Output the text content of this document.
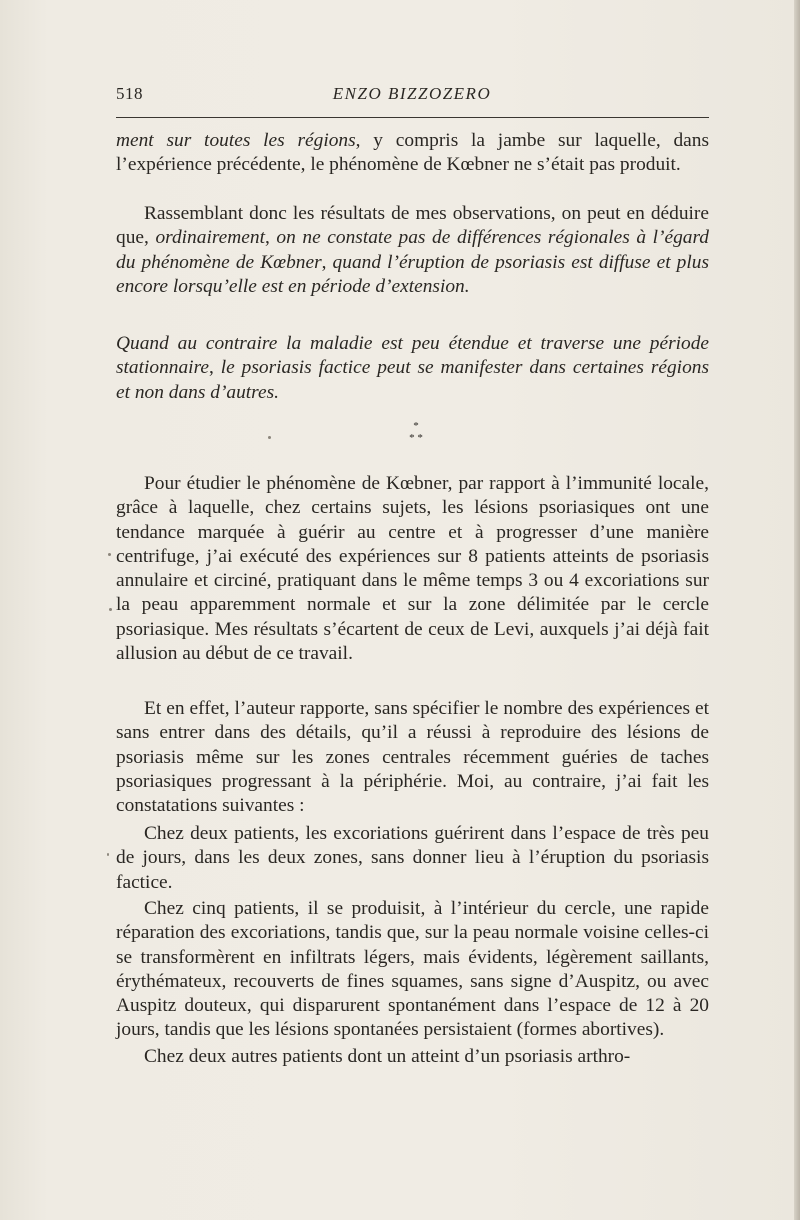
518	ENZO BIZZOZERO

ment sur toutes les régions, y compris la jambe sur laquelle, dans l’expérience précédente, le phénomène de Kœbner ne s’était pas produit.

Rassemblant donc les résultats de mes observations, on peut en déduire que, ordinairement, on ne constate pas de différences régionales à l’égard du phénomène de Kœbner, quand l’éruption de psoriasis est diffuse et plus encore lorsqu’elle est en période d’extension.

Quand au contraire la maladie est peu étendue et traverse une période stationnaire, le psoriasis factice peut se manifester dans certaines régions et non dans d’autres.

*
* *

Pour étudier le phénomène de Kœbner, par rapport à l’immunité locale, grâce à laquelle, chez certains sujets, les lésions psoriasiques ont une tendance marquée à guérir au centre et à progresser d’une manière centrifuge, j’ai exécuté des expériences sur 8 patients atteints de psoriasis annulaire et circiné, pratiquant dans le même temps 3 ou 4 excoriations sur la peau apparemment normale et sur la zone délimitée par le cercle psoriasique. Mes résultats s’écartent de ceux de Levi, auxquels j’ai déjà fait allusion au début de ce travail.

Et en effet, l’auteur rapporte, sans spécifier le nombre des expériences et sans entrer dans des détails, qu’il a réussi à reproduire des lésions de psoriasis même sur les zones centrales récemment guéries de taches psoriasiques progressant à la périphérie. Moi, au contraire, j’ai fait les constatations suivantes :

Chez deux patients, les excoriations guérirent dans l’espace de très peu de jours, dans les deux zones, sans donner lieu à l’éruption du psoriasis factice.

Chez cinq patients, il se produisit, à l’intérieur du cercle, une rapide réparation des excoriations, tandis que, sur la peau normale voisine celles-ci se transformèrent en infiltrats légers, mais évidents, légèrement saillants, érythémateux, recouverts de fines squames, sans signe d’Auspitz, ou avec Auspitz douteux, qui disparurent spontanément dans l’espace de 12 à 20 jours, tandis que les lésions spontanées persistaient (formes abortives).

Chez deux autres patients dont un atteint d’un psoriasis arthro-
